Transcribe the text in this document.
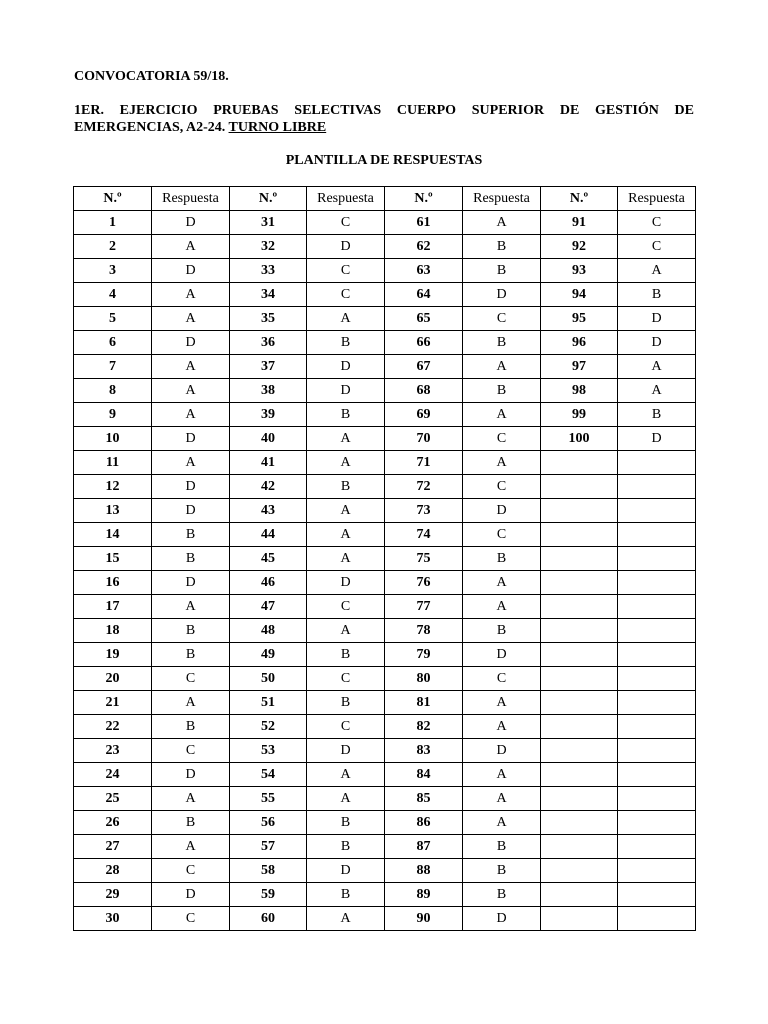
CONVOCATORIA 59/18.

1ER. EJERCICIO PRUEBAS SELECTIVAS CUERPO SUPERIOR DE GESTIÓN DE EMERGENCIAS, A2-24. TURNO LIBRE

PLANTILLA DE RESPUESTAS

N.º	Respuesta	N.º	Respuesta	N.º	Respuesta	N.º	Respuesta
1	D	31	C	61	A	91	C
2	A	32	D	62	B	92	C
3	D	33	C	63	B	93	A
4	A	34	C	64	D	94	B
5	A	35	A	65	C	95	D
6	D	36	B	66	B	96	D
7	A	37	D	67	A	97	A
8	A	38	D	68	B	98	A
9	A	39	B	69	A	99	B
10	D	40	A	70	C	100	D
11	A	41	A	71	A		
12	D	42	B	72	C		
13	D	43	A	73	D		
14	B	44	A	74	C		
15	B	45	A	75	B		
16	D	46	D	76	A		
17	A	47	C	77	A		
18	B	48	A	78	B		
19	B	49	B	79	D		
20	C	50	C	80	C		
21	A	51	B	81	A		
22	B	52	C	82	A		
23	C	53	D	83	D		
24	D	54	A	84	A		
25	A	55	A	85	A		
26	B	56	B	86	A		
27	A	57	B	87	B		
28	C	58	D	88	B		
29	D	59	B	89	B		
30	C	60	A	90	D		
